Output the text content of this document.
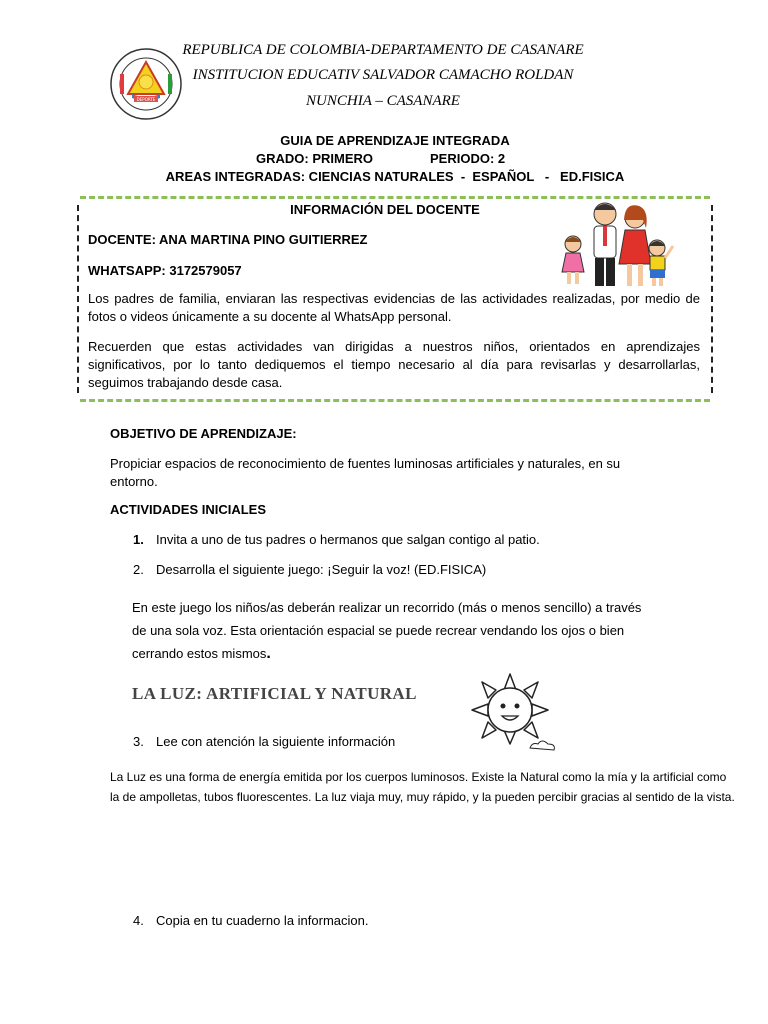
DEPORTE
REPUBLICA DE COLOMBIA-DEPARTAMENTO DE CASANARE
INSTITUCION EDUCATIV SALVADOR CAMACHO ROLDAN
NUNCHIA – CASANARE
GUIA DE APRENDIZAJE INTEGRADA
GRADO: PRIMERO	PERIODO: 2
AREAS INTEGRADAS: CIENCIAS NATURALES  -  ESPAÑOL   -   ED.FISICA
INFORMACIÓN DEL DOCENTE
DOCENTE: ANA MARTINA PINO GUITIERREZ
WHATSAPP: 3172579057
Los padres de familia, enviaran las respectivas evidencias de las actividades realizadas, por medio de fotos o videos únicamente a su docente al WhatsApp personal.
Recuerden que estas actividades van dirigidas a nuestros niños, orientados en aprendizajes significativos, por lo tanto dediquemos el tiempo necesario al día para revisarlas y desarrollarlas, seguimos trabajando desde casa.
OBJETIVO DE APRENDIZAJE:
Propiciar espacios de reconocimiento de fuentes luminosas artificiales y naturales, en su entorno.
ACTIVIDADES INICIALES
1. Invita a uno de tus padres o hermanos que salgan contigo al patio.
2. Desarrolla el siguiente juego: ¡Seguir la voz! (ED.FISICA)
En este juego los niños/as deberán realizar un recorrido (más o menos sencillo) a través de una sola voz. Esta orientación espacial se puede recrear vendando los ojos o bien cerrando estos mismos.
LA LUZ: ARTIFICIAL Y NATURAL
3. Lee con atención la siguiente información
La Luz es una forma de energía emitida por los cuerpos luminosos. Existe la Natural como la mía y la artificial como la de ampolletas, tubos fluorescentes. La luz viaja muy, muy rápido, y la pueden percibir gracias al sentido de la vista.
4. Copia en tu cuaderno la informacion.
